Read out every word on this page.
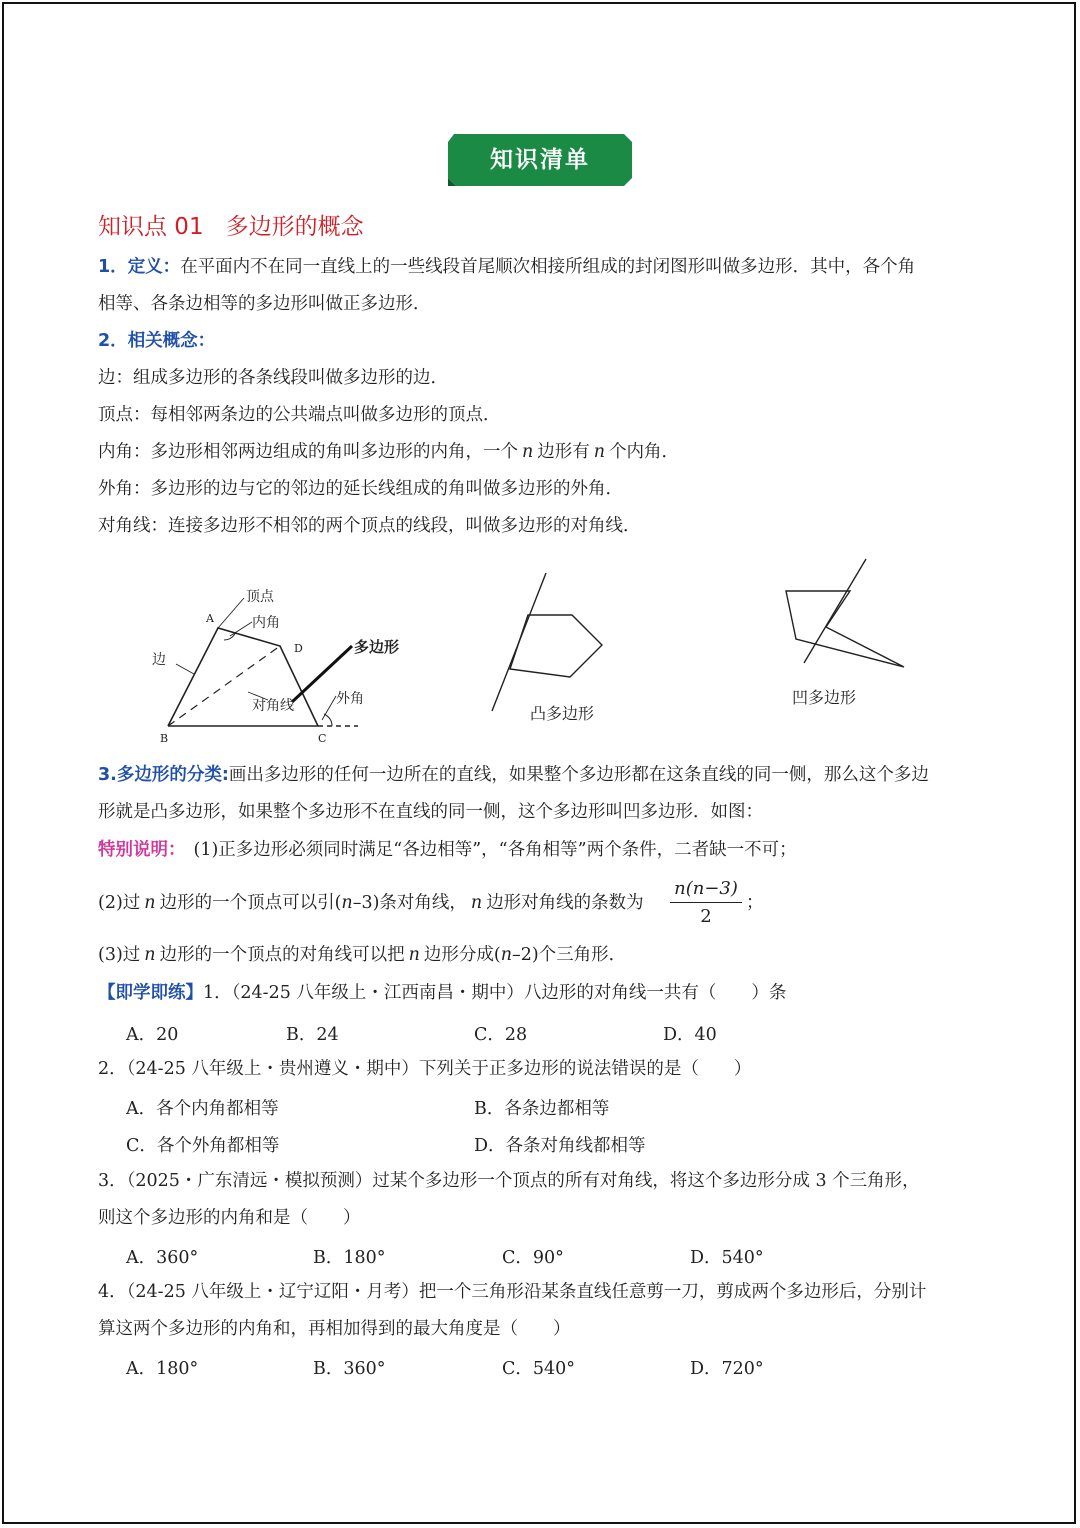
知识清单
知识点 01 多边形的概念
1．定义：在平面内不在同一直线上的一些线段首尾顺次相接所组成的封闭图形叫做多边形．其中，各个角
相等、各条边相等的多边形叫做正多边形．
2．相关概念：
边：组成多边形的各条线段叫做多边形的边．
顶点：每相邻两条边的公共端点叫做多边形的顶点．
内角：多边形相邻两边组成的角叫多边形的内角，一个 n 边形有 n 个内角．
外角：多边形的边与它的邻边的延长线组成的角叫做多边形的外角．
对角线：连接多边形不相邻的两个顶点的线段，叫做多边形的对角线．
顶点
内角
边
多边形
对角线	外角
A
B	C
D
凸多边形
凹多边形
3.多边形的分类:画出多边形的任何一边所在的直线，如果整个多边形都在这条直线的同一侧，那么这个多边
形就是凸多边形，如果整个多边形不在直线的同一侧，这个多边形叫凹多边形．如图：
特别说明： (1)正多边形必须同时满足“各边相等”，“各角相等”两个条件，二者缺一不可；
(2)过 n 边形的一个顶点可以引(n–3)条对角线， n 边形对角线的条数为 $\frac{n(n-3)}{2}$ ；
(3)过 n 边形的一个顶点的对角线可以把 n 边形分成(n–2)个三角形．
【即学即练】1．（24-25 八年级上・江西南昌・期中）八边形的对角线一共有（　　）条
A．20	B．24	C．28	D．40
2．（24-25 八年级上・贵州遵义・期中）下列关于正多边形的说法错误的是（　　）
A．各个内角都相等	B．各条边都相等
C．各个外角都相等	D．各条对角线都相等
3．（2025・广东清远・模拟预测）过某个多边形一个顶点的所有对角线，将这个多边形分成 3 个三角形，
则这个多边形的内角和是（　　）
A．360°	B．180°	C．90°	D．540°
4．（24-25 八年级上・辽宁辽阳・月考）把一个三角形沿某条直线任意剪一刀，剪成两个多边形后，分别计
算这两个多边形的内角和，再相加得到的最大角度是（　　）
A．180°	B．360°	C．540°	D．720°
